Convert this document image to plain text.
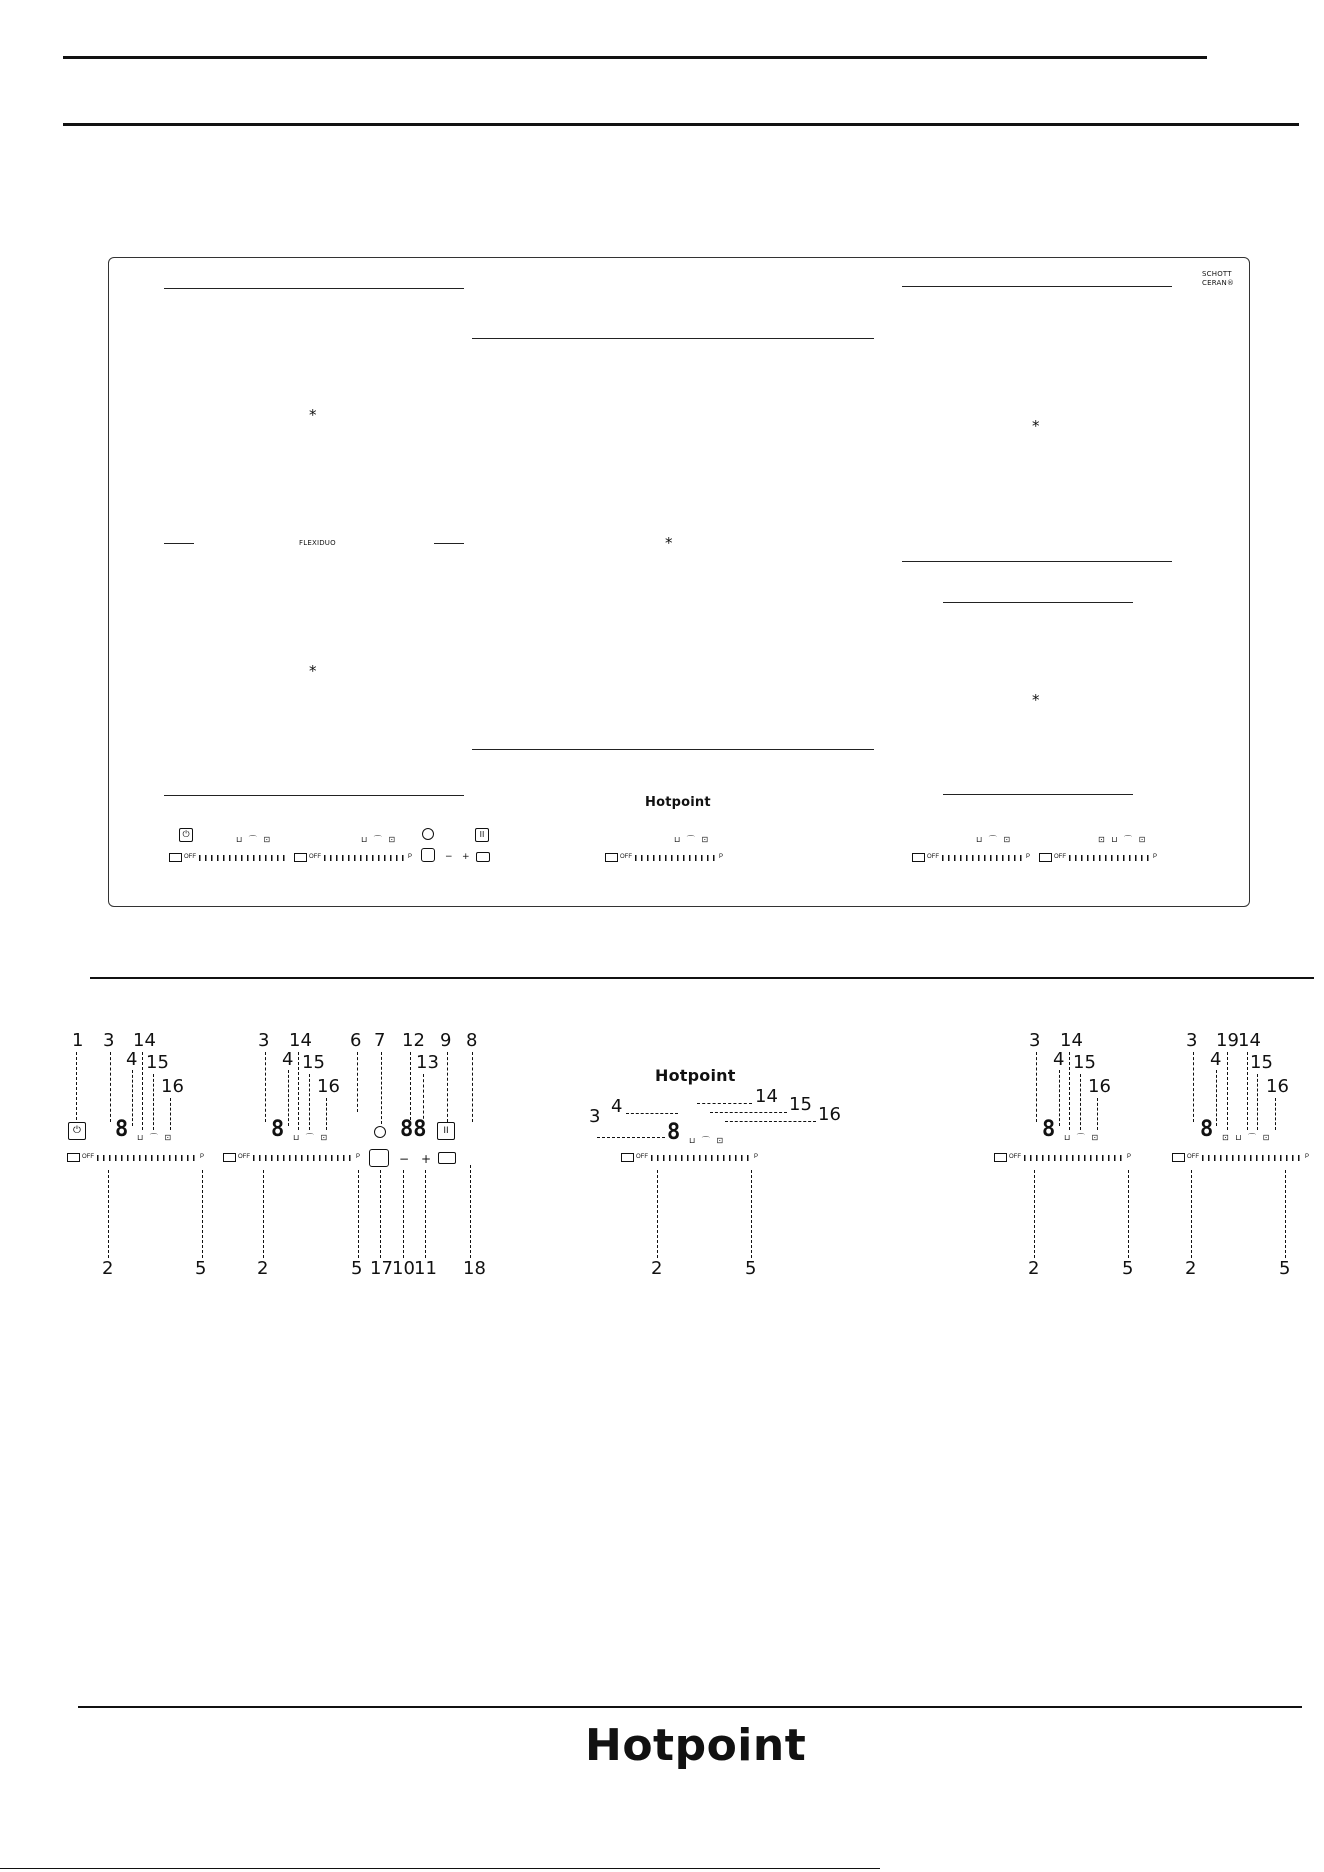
SCHOTT
CERAN®
*
FLEXIDUO
*
*
Hotpoint
*
*
⏻	⊔ ⌒ ⊡	⊔ ⌒ ⊡
II
⊔ ⌒ ⊡	⊔ ⌒ ⊡	⊡ ⊔ ⌒ ⊡
OFF	OFF	P	− +	OFF	P	OFF	P	OFF	P
1 3 14
4 15
16
⏻ 8 ⊔ ⌒ ⊡
OFF	P
2	5
3 14
4 15
16
6 7 12
13
9 8
8 ⊔ ⌒ ⊡	88	II
OFF	P	− +
2	5 17 10 11 18
Hotpoint
4
3
14 15 16
8 ⊔ ⌒ ⊡
OFF	P
2	5
3 14
4 15
16
8 ⊔ ⌒ ⊡
OFF	P
2	5
3 19 14
4 15
16
8 ⊡ ⊔ ⌒ ⊡
OFF	P
2	5
Hotpoint
